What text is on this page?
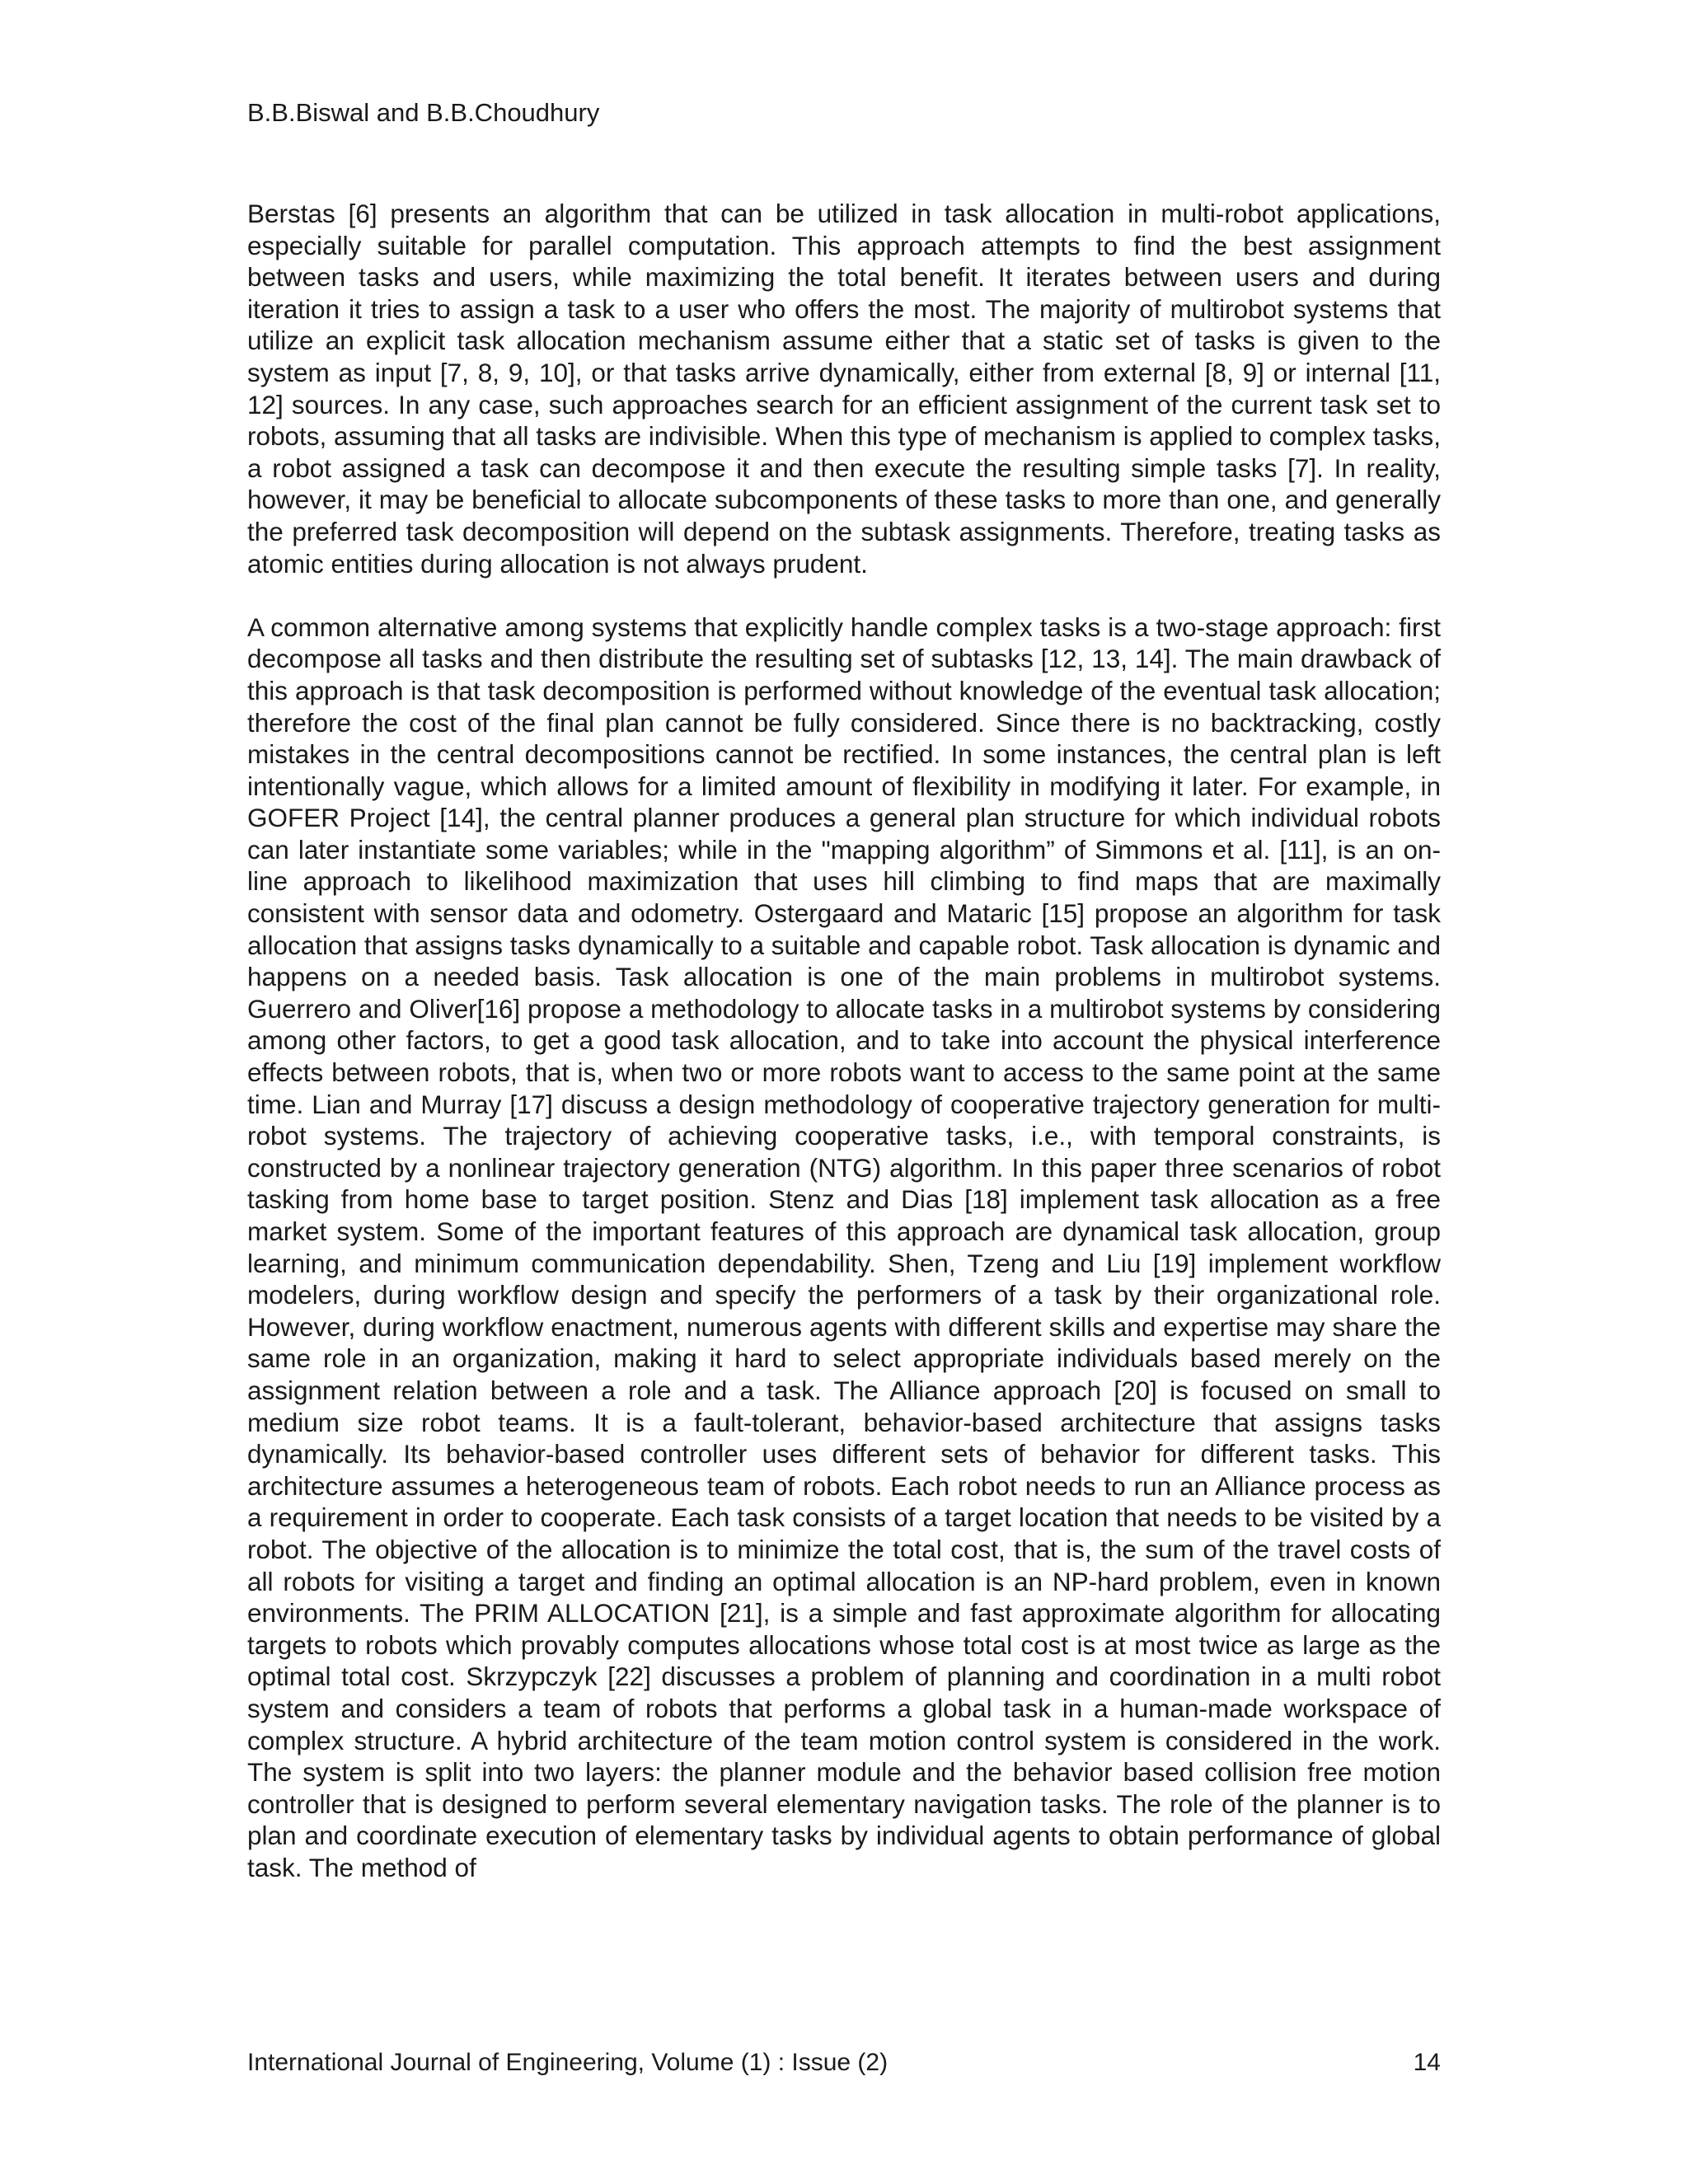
B.B.Biswal and B.B.Choudhury

Berstas [6] presents an algorithm that can be utilized in task allocation in multi-robot applications, especially suitable for parallel computation. This approach attempts to find the best assignment between tasks and users, while maximizing the total benefit. It iterates between users and during iteration it tries to assign a task to a user who offers the most. The majority of multirobot systems that utilize an explicit task allocation mechanism assume either that a static set of tasks is given to the system as input [7, 8, 9, 10], or that tasks arrive dynamically, either from external [8, 9] or internal [11, 12] sources. In any case, such approaches search for an efficient assignment of the current task set to robots, assuming that all tasks are indivisible. When this type of mechanism is applied to complex tasks, a robot assigned a task can decompose it and then execute the resulting simple tasks [7]. In reality, however, it may be beneficial to allocate subcomponents of these tasks to more than one, and generally the preferred task decomposition will depend on the subtask assignments. Therefore, treating tasks as atomic entities during allocation is not always prudent.

A common alternative among systems that explicitly handle complex tasks is a two-stage approach: first decompose all tasks and then distribute the resulting set of subtasks [12, 13, 14]. The main drawback of this approach is that task decomposition is performed without knowledge of the eventual task allocation; therefore the cost of the final plan cannot be fully considered. Since there is no backtracking, costly mistakes in the central decompositions cannot be rectified. In some instances, the central plan is left intentionally vague, which allows for a limited amount of flexibility in modifying it later. For example, in GOFER Project [14], the central planner produces a general plan structure for which individual robots can later instantiate some variables; while in the "mapping algorithm” of Simmons et al. [11], is an on-line approach to likelihood maximization that uses hill climbing to find maps that are maximally consistent with sensor data and odometry. Ostergaard and Mataric [15] propose an algorithm for task allocation that assigns tasks dynamically to a suitable and capable robot. Task allocation is dynamic and happens on a needed basis. Task allocation is one of the main problems in multirobot systems. Guerrero and Oliver[16] propose a methodology to allocate tasks in a multirobot systems by considering among other factors, to get a good task allocation, and to take into account the physical interference effects between robots, that is, when two or more robots want to access to the same point at the same time. Lian and Murray [17] discuss a design methodology of cooperative trajectory generation for multi-robot systems. The trajectory of achieving cooperative tasks, i.e., with temporal constraints, is constructed by a nonlinear trajectory generation (NTG) algorithm. In this paper three scenarios of robot tasking from home base to target position. Stenz and Dias [18] implement task allocation as a free market system. Some of the important features of this approach are dynamical task allocation, group learning, and minimum communication dependability. Shen, Tzeng and Liu [19] implement workflow modelers, during workflow design and specify the performers of a task by their organizational role. However, during workflow enactment, numerous agents with different skills and expertise may share the same role in an organization, making it hard to select appropriate individuals based merely on the assignment relation between a role and a task. The Alliance approach [20] is focused on small to medium size robot teams. It is a fault-tolerant, behavior-based architecture that assigns tasks dynamically. Its behavior-based controller uses different sets of behavior for different tasks. This architecture assumes a heterogeneous team of robots. Each robot needs to run an Alliance process as a requirement in order to cooperate. Each task consists of a target location that needs to be visited by a robot. The objective of the allocation is to minimize the total cost, that is, the sum of the travel costs of all robots for visiting a target and finding an optimal allocation is an NP-hard problem, even in known environments. The PRIM ALLOCATION [21], is a simple and fast approximate algorithm for allocating targets to robots which provably computes allocations whose total cost is at most twice as large as the optimal total cost. Skrzypczyk [22] discusses a problem of planning and coordination in a multi robot system and considers a team of robots that performs a global task in a human-made workspace of complex structure. A hybrid architecture of the team motion control system is considered in the work. The system is split into two layers: the planner module and the behavior based collision free motion controller that is designed to perform several elementary navigation tasks. The role of the planner is to plan and coordinate execution of elementary tasks by individual agents to obtain performance of global task. The method of

International Journal of Engineering, Volume (1) : Issue (2)	14
